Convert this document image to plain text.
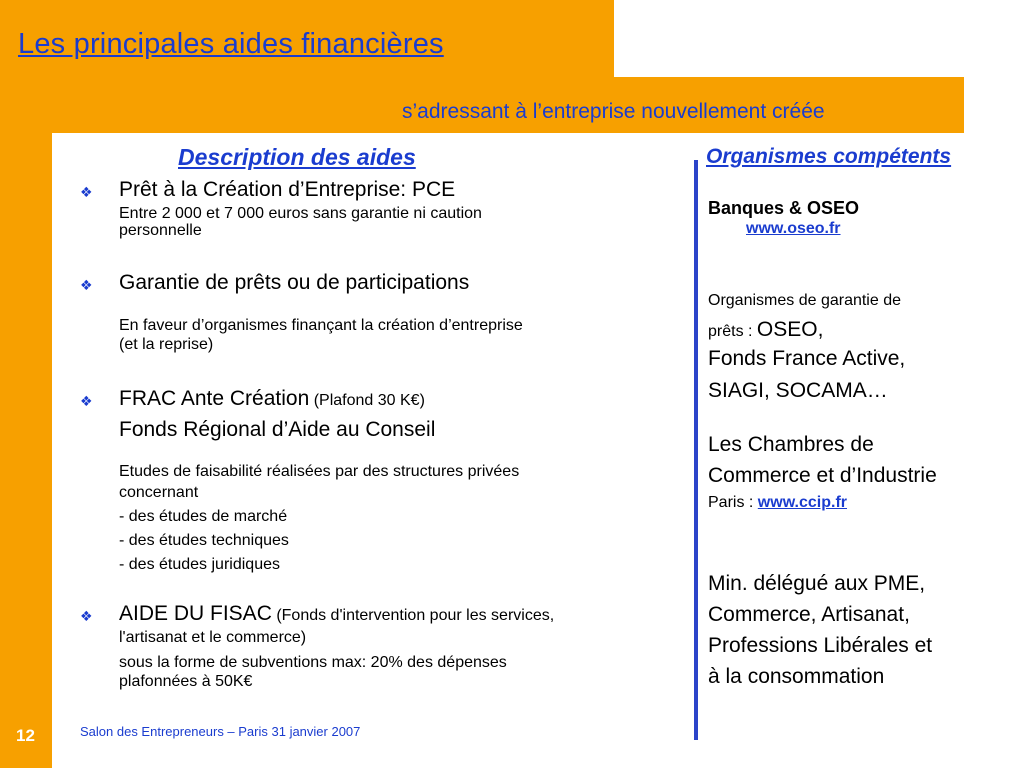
Les principales aides financières
s’adressant à l’entreprise nouvellement créée
Description des aides	Organismes compétents
❖ Prêt à la Création d’Entreprise: PCE
Entre 2 000 et 7 000 euros sans garantie ni caution
personnelle
❖ Garantie de prêts ou de participations
En faveur d’organismes finançant la création d’entreprise
(et la reprise)
❖ FRAC Ante Création (Plafond 30 K€)
Fonds Régional d’Aide au Conseil
Etudes de faisabilité réalisées par des structures privées
concernant
- des études de marché
- des études techniques
- des études juridiques
❖ AIDE DU FISAC (Fonds d'intervention pour les services,
l'artisanat et le commerce)
sous la forme de subventions max: 20% des dépenses
plafonnées à 50K€
Banques & OSEO
www.oseo.fr
Organismes de garantie de
prêts : OSEO,
Fonds France Active,
SIAGI, SOCAMA…
Les Chambres de
Commerce et d’Industrie
Paris : www.ccip.fr
Min. délégué aux PME,
Commerce, Artisanat,
Professions Libérales et
à la consommation
12	Salon des Entrepreneurs – Paris 31 janvier 2007
